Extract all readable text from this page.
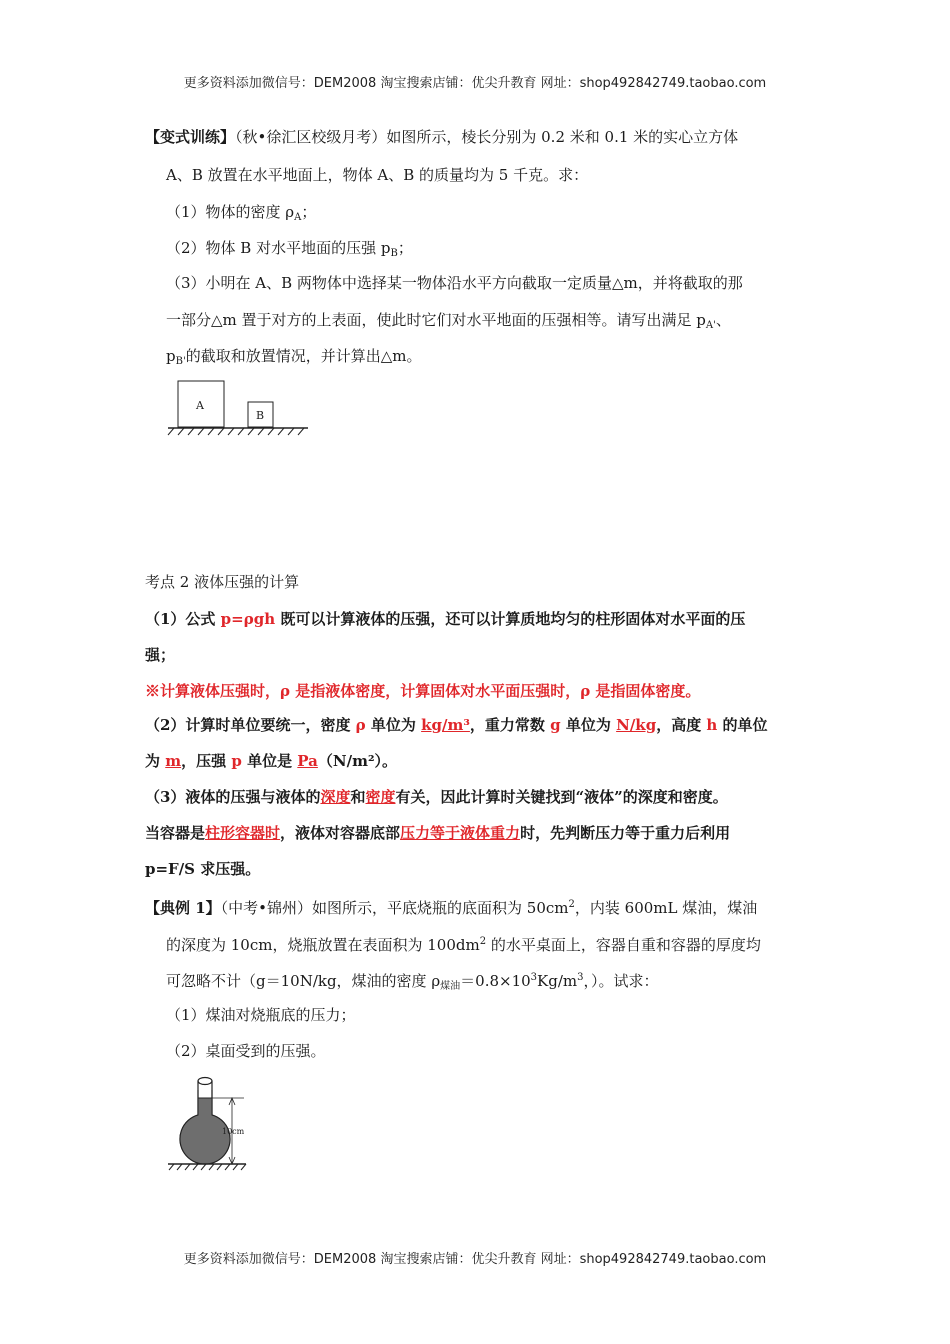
更多资料添加微信号：DEM2008 淘宝搜索店铺：优尖升教育 网址：shop492842749.taobao.com
【变式训练】（秋•徐汇区校级月考）如图所示，棱长分别为 0.2 米和 0.1 米的实心立方体
A、B 放置在水平地面上，物体 A、B 的质量均为 5 千克。求：
（1）物体的密度 $\rho_A$；
（2）物体 B 对水平地面的压强 $p_B$；
（3）小明在 A、B 两物体中选择某一物体沿水平方向截取一定质量△m，并将截取的那
一部分△m 置于对方的上表面，使此时它们对水平地面的压强相等。请写出满足 $p_{A'}$、
$p_{B'}$的截取和放置情况，并计算出△m。
A
B
考点 2 液体压强的计算
（1）公式 p=ρgh 既可以计算液体的压强，还可以计算质地均匀的柱形固体对水平面的压
强；
※计算液体压强时，ρ 是指液体密度，计算固体对水平面压强时，ρ 是指固体密度。
（2）计算时单位要统一，密度 ρ 单位为 kg/m³，重力常数 g 单位为 N/kg，高度 h 的单位
为 m，压强 p 单位是 Pa（N/m²）。
（3）液体的压强与液体的深度和密度有关，因此计算时关键找到“液体”的深度和密度。
当容器是柱形容器时，液体对容器底部压力等于液体重力时，先判断压力等于重力后利用
p=F/S 求压强。
【典例 1】（中考•锦州）如图所示，平底烧瓶的底面积为 $50cm^2$，内装 600mL 煤油，煤油
的深度为 10cm，烧瓶放置在表面积为 $100dm^2$ 的水平桌面上，容器自重和容器的厚度均
可忽略不计（g＝10N/kg，煤油的密度 $\rho_{煤油}=0.8\times 10^3Kg/m^3$，）。试求：
（1）煤油对烧瓶底的压力；
（2）桌面受到的压强。
10cm
更多资料添加微信号：DEM2008 淘宝搜索店铺：优尖升教育 网址：shop492842749.taobao.com
